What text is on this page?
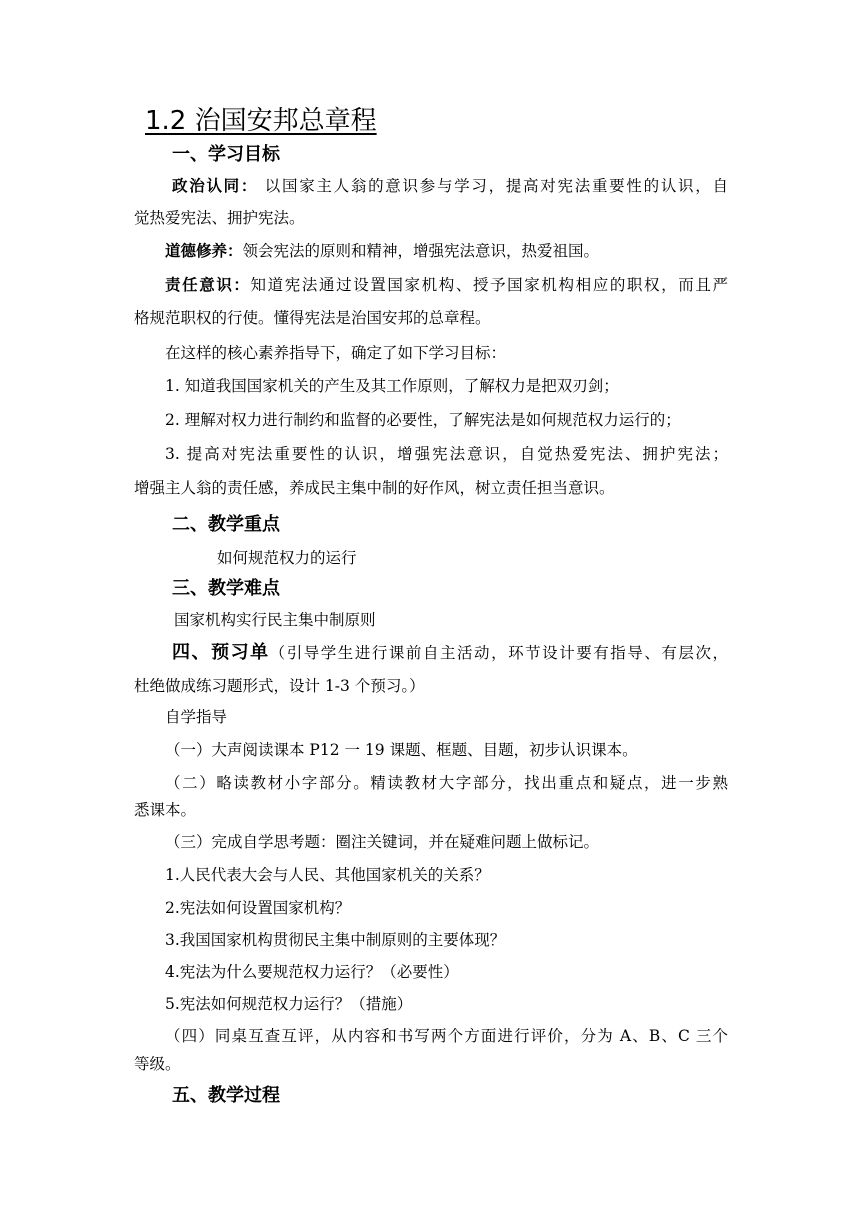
1.2 治国安邦总章程
一、学习目标
政治认同： 以国家主人翁的意识参与学习，提高对宪法重要性的认识，自
觉热爱宪法、拥护宪法。
道德修养：领会宪法的原则和精神，增强宪法意识，热爱祖国。
责任意识：知道宪法通过设置国家机构、授予国家机构相应的职权，而且严
格规范职权的行使。懂得宪法是治国安邦的总章程。
在这样的核心素养指导下，确定了如下学习目标：
1. 知道我国国家机关的产生及其工作原则，了解权力是把双刃剑；
2. 理解对权力进行制约和监督的必要性，了解宪法是如何规范权力运行的；
3. 提高对宪法重要性的认识，增强宪法意识，自觉热爱宪法、拥护宪法；
增强主人翁的责任感，养成民主集中制的好作风，树立责任担当意识。
二、教学重点
如何规范权力的运行
三、教学难点
国家机构实行民主集中制原则
四、预习单（引导学生进行课前自主活动，环节设计要有指导、有层次，
杜绝做成练习题形式，设计 1-3 个预习。）
自学指导
（一）大声阅读课本 P12 一 19 课题、框题、目题，初步认识课本。
（二）略读教材小字部分。精读教材大字部分，找出重点和疑点，进一步熟
悉课本。
（三）完成自学思考题：圈注关键词，并在疑难问题上做标记。
1.人民代表大会与人民、其他国家机关的关系？
2.宪法如何设置国家机构？
3.我国国家机构贯彻民主集中制原则的主要体现？
4.宪法为什么要规范权力运行？（必要性）
5.宪法如何规范权力运行？（措施）
（四）同桌互查互评，从内容和书写两个方面进行评价，分为 A、B、C 三个
等级。
五、教学过程
